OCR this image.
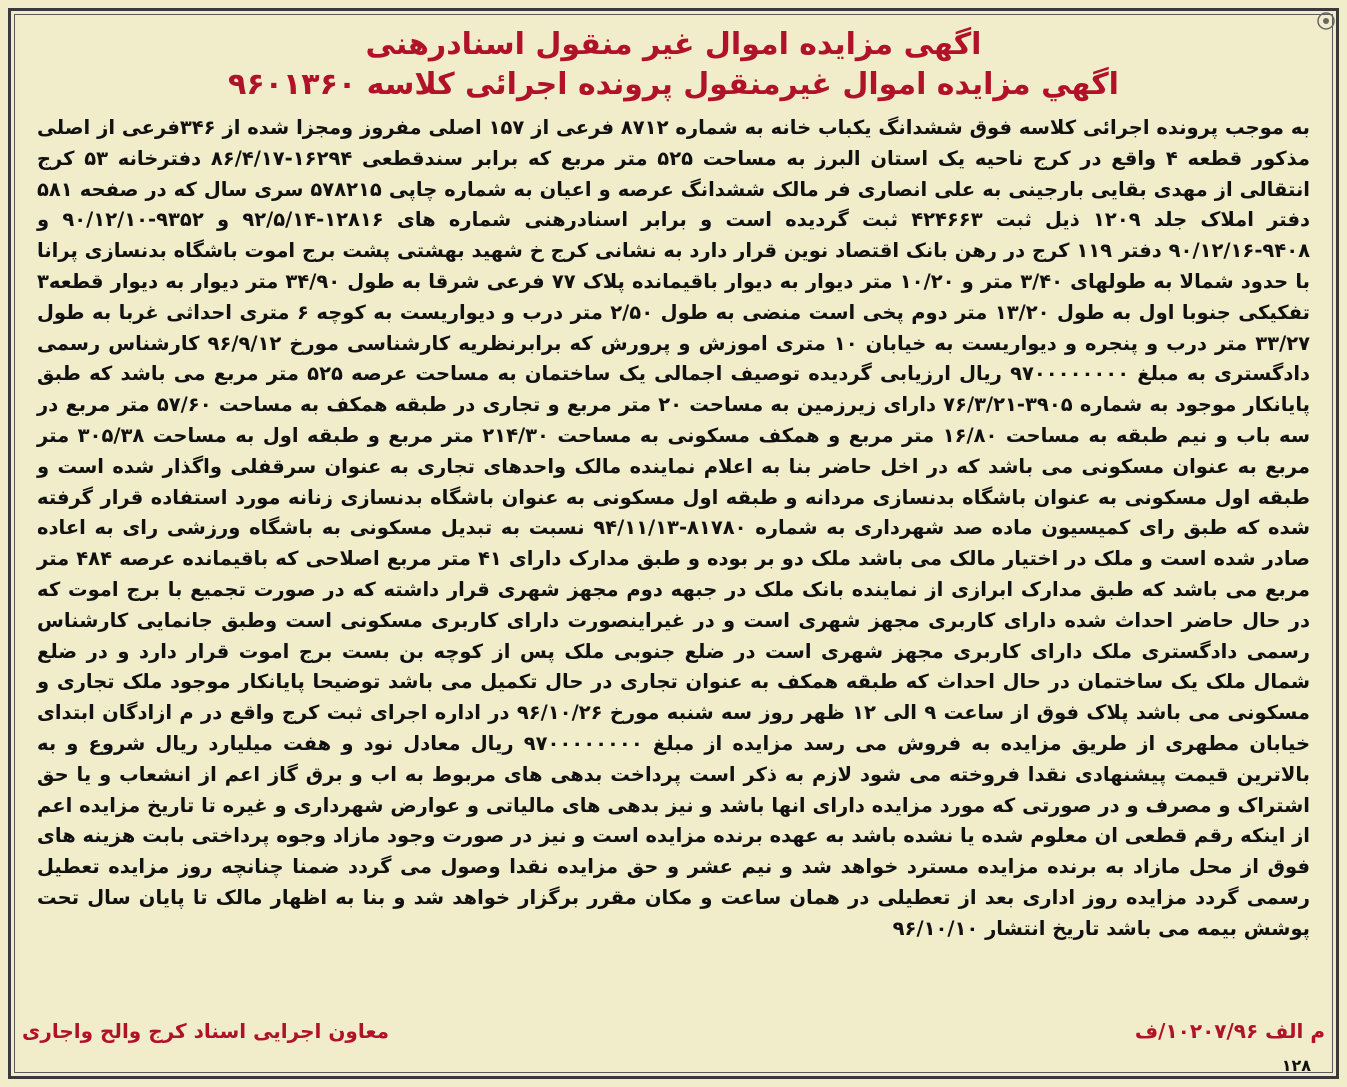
اگهی مزایده اموال غیر منقول اسنادرهنی
اگهي مزايده اموال غيرمنقول پرونده اجرائی کلاسه ۹۶۰۱۳۶۰

به موجب پرونده اجرائی کلاسه فوق ششدانگ یکباب خانه به شماره ۸۷۱۲ فرعی از ۱۵۷ اصلی مفروز ومجزا شده از ۳۴۶فرعی از اصلی مذکور قطعه ۴ واقع در کرج ناحیه یک استان البرز به مساحت ۵۲۵ متر مربع که برابر سندقطعی ۱۶۲۹۴-۸۶/۴/۱۷ دفترخانه ۵۳ کرج انتقالی از مهدی بقایی بارجینی به علی انصاری فر مالک ششدانگ عرصه و اعیان به شماره چاپی ۵۷۸۲۱۵ سری سال که در صفحه ۵۸۱ دفتر املاک جلد ۱۲۰۹ ذیل ثبت ۴۲۴۶۶۳ ثبت گردیده است و برابر اسنادرهنی شماره های ۱۲۸۱۶-۹۲/۵/۱۴ و ۹۳۵۲-۹۰/۱۲/۱۰ و ۹۴۰۸-۹۰/۱۲/۱۶ دفتر ۱۱۹ کرج در رهن بانک اقتصاد نوین قرار دارد به نشانی کرج خ شهید بهشتی پشت برج اموت باشگاه بدنسازی پرانا با حدود شمالا به طولهای ۳/۴۰ متر و ۱۰/۲۰ متر دیوار به دیوار باقیمانده پلاک ۷۷ فرعی شرقا به طول ۳۴/۹۰ متر دیوار به دیوار قطعه۳ تفکیکی جنوبا اول به طول ۱۳/۲۰ متر دوم پخی است منضی به طول ۲/۵۰ متر درب و دیواریست به کوچه ۶ متری احداثی غربا به طول ۳۳/۲۷ متر درب و پنجره و دیواریست به خیابان ۱۰ متری اموزش و پرورش که برابرنظریه کارشناسی مورخ ۹۶/۹/۱۲ کارشناس رسمی دادگستری به مبلغ ۹۷۰۰۰۰۰۰۰۰ ریال ارزیابی گردیده توصیف اجمالی یک ساختمان به مساحت عرصه ۵۲۵ متر مربع می باشد که طبق پایانکار موجود به شماره ۳۹۰۵-۷۶/۳/۲۱ دارای زیرزمین به مساحت ۲۰ متر مربع و تجاری در طبقه همکف به مساحت ۵۷/۶۰ متر مربع در سه باب و نیم طبقه به مساحت ۱۶/۸۰ متر مربع و همکف مسکونی به مساحت ۲۱۴/۳۰ متر مربع و طبقه اول به مساحت ۳۰۵/۳۸ متر مربع به عنوان مسکونی می باشد که در اخل حاضر بنا به اعلام نماینده مالک واحدهای تجاری به عنوان سرقفلی واگذار شده است و طبقه اول مسکونی به عنوان باشگاه بدنسازی مردانه و طبقه اول مسکونی به عنوان باشگاه بدنسازی زنانه مورد استفاده قرار گرفته شده که طبق رای کمیسیون ماده صد شهرداری به شماره ۸۱۷۸۰-۹۴/۱۱/۱۳ نسبت به تبدیل مسکونی به باشگاه ورزشی رای به اعاده صادر شده است و ملک در اختیار مالک می باشد ملک دو بر بوده و طبق مدارک دارای ۴۱ متر مربع اصلاحی که باقیمانده عرصه ۴۸۴ متر مربع می باشد که طبق مدارک ابرازی از نماینده بانک ملک در جبهه دوم مجهز شهری قرار داشته که در صورت تجمیع با برج اموت که در حال حاضر احداث شده دارای کاربری مجهز شهری است و در غیراینصورت دارای کاربری مسکونی است وطبق جانمایی کارشناس رسمی دادگستری ملک دارای کاربری مجهز شهری است در ضلع جنوبی ملک پس از کوچه بن بست برج اموت قرار دارد و در ضلع شمال ملک یک ساختمان در حال احداث که طبقه همکف به عنوان تجاری در حال تکمیل می باشد توضیحا پایانکار موجود ملک تجاری و مسکونی می باشد پلاک فوق از ساعت ۹ الی ۱۲ ظهر روز سه شنبه مورخ ۹۶/۱۰/۲۶ در اداره اجرای ثبت کرج واقع در م ازادگان ابتدای خیابان مطهری از طریق مزایده به فروش می رسد مزایده از مبلغ ۹۷۰۰۰۰۰۰۰۰ ریال معادل نود و هفت میلیارد ریال شروع و به بالاترین قیمت پیشنهادی نقدا فروخته می شود لازم به ذکر است پرداخت بدهی های مربوط به اب و برق گاز اعم از انشعاب و یا حق اشتراک و مصرف و در صورتی که مورد مزایده دارای انها باشد و نیز بدهی های مالیاتی و عوارض شهرداری و غیره تا تاریخ مزایده اعم از اینکه رقم قطعی ان معلوم شده یا نشده باشد به عهده برنده مزایده است و نیز در صورت وجود مازاد وجوه پرداختی بابت هزینه های فوق از محل مازاد به برنده مزایده مسترد خواهد شد و نیم عشر و حق مزایده نقدا وصول می گردد ضمنا چنانچه روز مزایده تعطیل رسمی گردد مزایده روز اداری بعد از تعطیلی در همان ساعت و مکان مقرر برگزار خواهد شد و بنا به اظهار مالک تا پایان سال تحت پوشش بیمه می باشد تاریخ انتشار ۹۶/۱۰/۱۰

م الف ۱۰۲۰۷/۹۶/ف
معاون اجرایی اسناد کرج والح واجاری
۱۲۸
